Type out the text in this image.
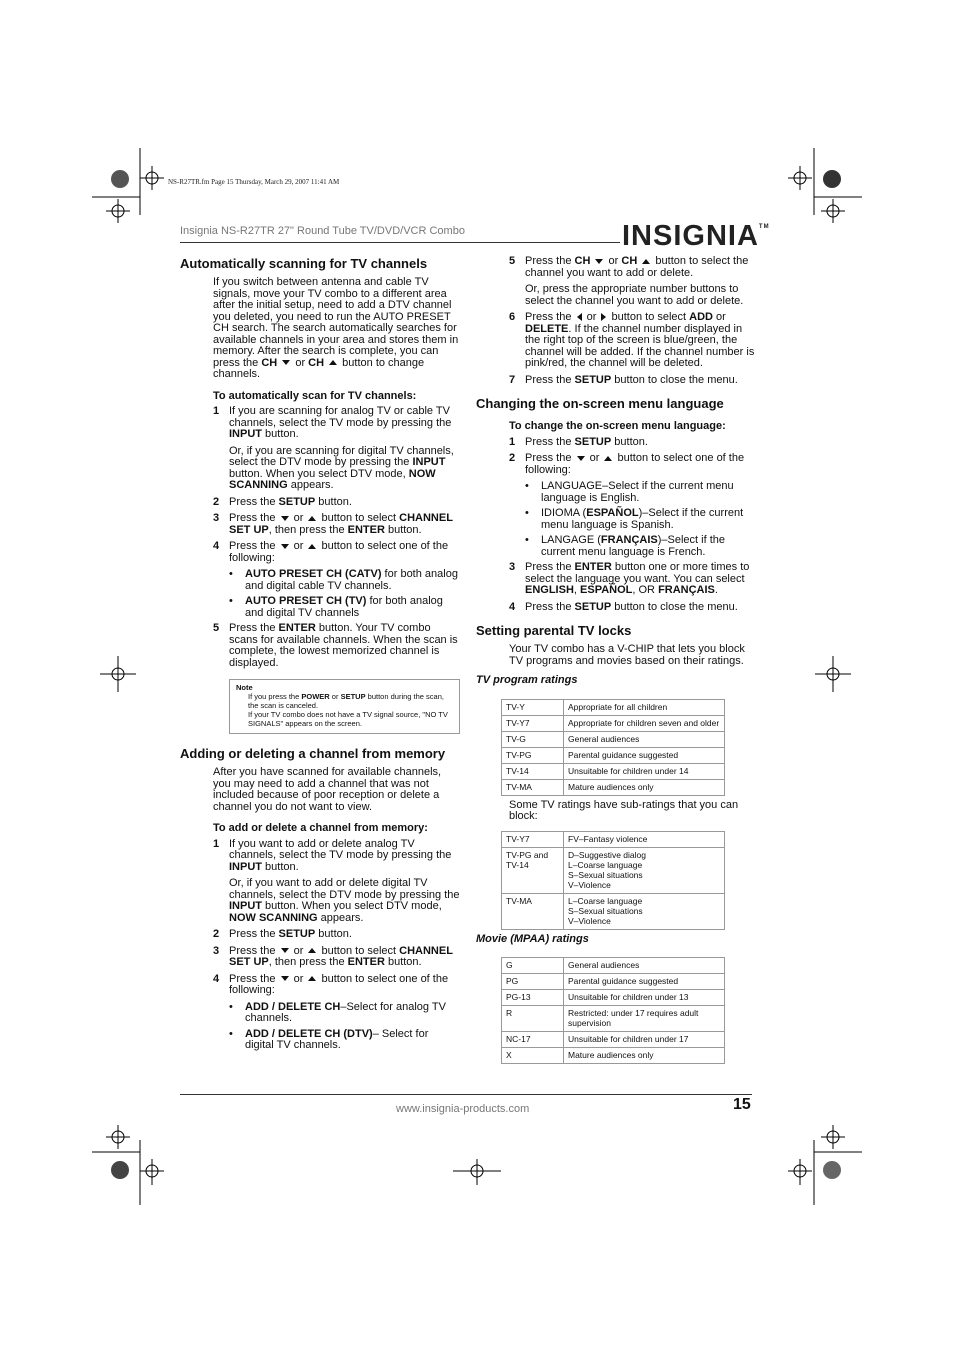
NS-R27TR.fm Page 15 Thursday, March 29, 2007 11:41 AM
Insignia NS-R27TR 27" Round Tube TV/DVD/VCR Combo	INSIGNIA™
Automatically scanning for TV channels
If you switch between antenna and cable TV signals, move your TV combo to a different area after the initial setup, need to add a DTV channel you deleted, you need to run the AUTO PRESET CH search. The search automatically searches for available channels in your area and stores them in memory. After the search is complete, you can press the CH  or CH  button to change channels.
To automatically scan for TV channels:
1 If you are scanning for analog TV or cable TV channels, select the TV mode by pressing the INPUT button.
Or, if you are scanning for digital TV channels, select the DTV mode by pressing the INPUT button. When you select DTV mode, NOW SCANNING appears.
2 Press the SETUP button.
3 Press the  or  button to select CHANNEL SET UP, then press the ENTER button.
4 Press the  or  button to select one of the following:
•	AUTO PRESET CH (CATV) for both analog and digital cable TV channels.
•	AUTO PRESET CH (TV) for both analog and digital TV channels
5 Press the ENTER button. Your TV combo scans for available channels. When the scan is complete, the lowest memorized channel is displayed.
Note
If you press the POWER or SETUP button during the scan, the scan is canceled.
If your TV combo does not have a TV signal source, "NO TV SIGNALS" appears on the screen.
Adding or deleting a channel from memory
After you have scanned for available channels, you may need to add a channel that was not included because of poor reception or delete a channel you do not want to view.
To add or delete a channel from memory:
1 If you want to add or delete analog TV channels, select the TV mode by pressing the INPUT button.
Or, if you want to add or delete digital TV channels, select the DTV mode by pressing the INPUT button. When you select DTV mode, NOW SCANNING appears.
2 Press the SETUP button.
3 Press the  or  button to select CHANNEL SET UP, then press the ENTER button.
4 Press the  or  button to select one of the following:
•	ADD / DELETE CH–Select for analog TV channels.
•	ADD / DELETE CH (DTV)– Select for digital TV channels.
5 Press the CH  or CH  button to select the channel you want to add or delete.
Or, press the appropriate number buttons to select the channel you want to add or delete.
6 Press the  or  button to select ADD or DELETE. If the channel number displayed in the right top of the screen is blue/green, the channel will be added. If the channel number is pink/red, the channel will be deleted.
7 Press the SETUP button to close the menu.
Changing the on-screen menu language
To change the on-screen menu language:
1 Press the SETUP button.
2 Press the  or  button to select one of the following:
•	LANGUAGE–Select if the current menu language is English.
•	IDIOMA (ESPAÑOL)–Select if the current menu language is Spanish.
•	LANGAGE (FRANÇAIS)–Select if the current menu language is French.
3 Press the ENTER button one or more times to select the language you want. You can select ENGLISH, ESPAÑOL, OR FRANÇAIS.
4 Press the SETUP button to close the menu.
Setting parental TV locks
Your TV combo has a V-CHIP that lets you block TV programs and movies based on their ratings.
TV program ratings
TV-Y	Appropriate for all children
TV-Y7	Appropriate for children seven and older
TV-G	General audiences
TV-PG	Parental guidance suggested
TV-14	Unsuitable for children under 14
TV-MA	Mature audiences only
Some TV ratings have sub-ratings that you can block:
TV-Y7	FV–Fantasy violence

TV-PG and TV-14	D–Suggestive dialog
L–Coarse language
S–Sexual situations
V–Violence

TV-MA	L–Coarse language
S–Sexual situations
V–Violence
Movie (MPAA) ratings
G	General audiences
PG	Parental guidance suggested
PG-13	Unsuitable for children under 13
R	Restricted: under 17 requires adult supervision
NC-17	Unsuitable for children under 17
X	Mature audiences only
www.insignia-products.com	15
